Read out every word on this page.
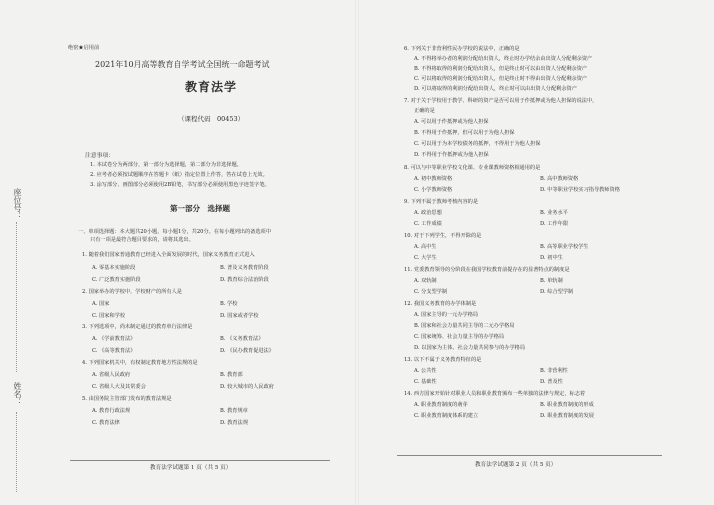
座位号：
姓名：
绝密★启用前
2021年10月高等教育自学考试全国统一命题考试
教育法学
（课程代码　00453）
注意事项：
1. 本试卷分为两部分，第一部分为选择题，第二部分为非选择题。
2. 应考者必须按试题顺序在答题卡（纸）指定位置上作答，答在试卷上无效。
3. 涂写部分、画图部分必须使用2B铅笔，书写部分必须使用黑色字迹签字笔。
第一部分　选择题
一、单项选择题：本大题共20小题，每小题1分，共20分。在每小题列出的备选项中
只有一项是最符合题目要求的，请将其选出。
1. 随着我们国家普通教育已经进入全面发展的时代，国家义务教育正式进入
A. 零基本实施阶段	B. 普及义务教育阶段
C. 广泛教育实施阶段	D. 教育综合法治阶段
2. 国家举办的学校中，学校财产的所有人是
A. 国家	B. 学校
C. 国家和学校	D. 国家或者学校
3. 下列选项中，尚未制定通过的教育单行法律是
A. 《学前教育法》	B. 《义务教育法》
C. 《高等教育法》	D. 《民办教育促进法》
4. 下列国家机关中，有权制定教育地方性法规的是
A. 省级人民政府	B. 教育部
C. 省级人大及其常委会	D. 较大城市的人民政府
5. 由国务院主管部门发布的教育法规是
A. 教育行政法规	B. 教育规章
C. 教育法律	D. 教育法规
教育法学试题第 1 页（共 5 页）
6. 下列关于非营利性民办学校的说法中，正确的是
A. 不得将举办者的利润分配给出资人，终止时办学结余由出资人分配剩余资产
B. 不得将取得的利润分配给出资人，但是终止时可以由出资人分配剩余资产
C. 可以将取得的利润分配给出资人，但是终止时不得由出资人分配剩余资产
D. 可以将取得的利润分配给出资人，终止时可以由出资人分配剩余资产
7. 对于关于学校用于教学、科研的资产是否可以用于作抵押或为他人担保的说法中，
正确的是
A. 可以用于作抵押或为他人担保
B. 不得用于作抵押，但可以用于为他人担保
C. 可以用于为本学校债务的抵押，不得用于为他人担保
D. 不得用于作抵押或为他人担保
8. 可以与中等职业学校文化课、专业课教师资格相通用的是
A. 初中教师资格	B. 高中教师资格
C. 小学教师资格	D. 中等职业学校实习指导教师资格
9. 下列不属于教师考核内容的是
A. 政治思想	B. 业务水平
C. 工作成绩	D. 工作年限
10. 对于下列学生，不得开除的是
A. 高中生	B. 高等职业学校学生
C. 大学生	D. 初中生
11. 党委教育领导的分阶段在我国学校教育前提存在的显著特点的制度是
A. 双轨制	B. 单轨制
C. 分支型学制	D. 综合型学制
12. 我国义务教育的办学体制是
A. 国家主导的一元办学格局
B. 国家和社会力量共同主导的二元办学格局
C. 国家统筹、社会力量主导的办学格局
D. 以国家为主体、社会力量共同参与的办学格局
13. 以下不属于义务教育特征的是
A. 公共性	B. 非营利性
C. 基础性	D. 普及性
14. 西方国家开始针对职业人员和职业教育颁布一些单独的法律与规定，标志着
A. 职业教育制度的萌芽	B. 职业教育制度的形成
C. 职业教育制度体系的建立	D. 职业教育制度的发展
教育法学试题第 2 页（共 5 页）
